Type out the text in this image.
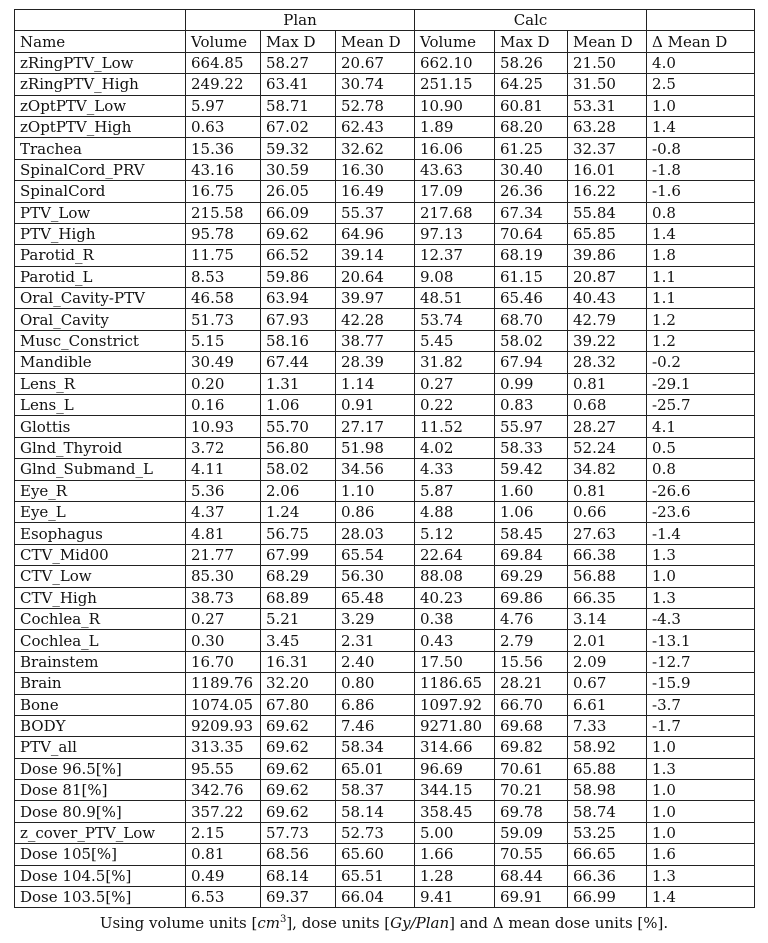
	Plan			Calc			
Name	Volume	Max D	Mean D	Volume	Max D	Mean D	Δ Mean D
zRingPTV_Low	664.85	58.27	20.67	662.10	58.26	21.50	4.0
zRingPTV_High	249.22	63.41	30.74	251.15	64.25	31.50	2.5
zOptPTV_Low	5.97	58.71	52.78	10.90	60.81	53.31	1.0
zOptPTV_High	0.63	67.02	62.43	1.89	68.20	63.28	1.4
Trachea	15.36	59.32	32.62	16.06	61.25	32.37	-0.8
SpinalCord_PRV	43.16	30.59	16.30	43.63	30.40	16.01	-1.8
SpinalCord	16.75	26.05	16.49	17.09	26.36	16.22	-1.6
PTV_Low	215.58	66.09	55.37	217.68	67.34	55.84	0.8
PTV_High	95.78	69.62	64.96	97.13	70.64	65.85	1.4
Parotid_R	11.75	66.52	39.14	12.37	68.19	39.86	1.8
Parotid_L	8.53	59.86	20.64	9.08	61.15	20.87	1.1
Oral_Cavity-PTV	46.58	63.94	39.97	48.51	65.46	40.43	1.1
Oral_Cavity	51.73	67.93	42.28	53.74	68.70	42.79	1.2
Musc_Constrict	5.15	58.16	38.77	5.45	58.02	39.22	1.2
Mandible	30.49	67.44	28.39	31.82	67.94	28.32	-0.2
Lens_R	0.20	1.31	1.14	0.27	0.99	0.81	-29.1
Lens_L	0.16	1.06	0.91	0.22	0.83	0.68	-25.7
Glottis	10.93	55.70	27.17	11.52	55.97	28.27	4.1
Glnd_Thyroid	3.72	56.80	51.98	4.02	58.33	52.24	0.5
Glnd_Submand_L	4.11	58.02	34.56	4.33	59.42	34.82	0.8
Eye_R	5.36	2.06	1.10	5.87	1.60	0.81	-26.6
Eye_L	4.37	1.24	0.86	4.88	1.06	0.66	-23.6
Esophagus	4.81	56.75	28.03	5.12	58.45	27.63	-1.4
CTV_Mid00	21.77	67.99	65.54	22.64	69.84	66.38	1.3
CTV_Low	85.30	68.29	56.30	88.08	69.29	56.88	1.0
CTV_High	38.73	68.89	65.48	40.23	69.86	66.35	1.3
Cochlea_R	0.27	5.21	3.29	0.38	4.76	3.14	-4.3
Cochlea_L	0.30	3.45	2.31	0.43	2.79	2.01	-13.1
Brainstem	16.70	16.31	2.40	17.50	15.56	2.09	-12.7
Brain	1189.76	32.20	0.80	1186.65	28.21	0.67	-15.9
Bone	1074.05	67.80	6.86	1097.92	66.70	6.61	-3.7
BODY	9209.93	69.62	7.46	9271.80	69.68	7.33	-1.7
PTV_all	313.35	69.62	58.34	314.66	69.82	58.92	1.0
Dose 96.5[%]	95.55	69.62	65.01	96.69	70.61	65.88	1.3
Dose 81[%]	342.76	69.62	58.37	344.15	70.21	58.98	1.0
Dose 80.9[%]	357.22	69.62	58.14	358.45	69.78	58.74	1.0
z_cover_PTV_Low	2.15	57.73	52.73	5.00	59.09	53.25	1.0
Dose 105[%]	0.81	68.56	65.60	1.66	70.55	66.65	1.6
Dose 104.5[%]	0.49	68.14	65.51	1.28	68.44	66.36	1.3
Dose 103.5[%]	6.53	69.37	66.04	9.41	69.91	66.99	1.4
Using volume units $[cm^3]$, dose units [Gy/Plan] and Δ mean dose units [%].
